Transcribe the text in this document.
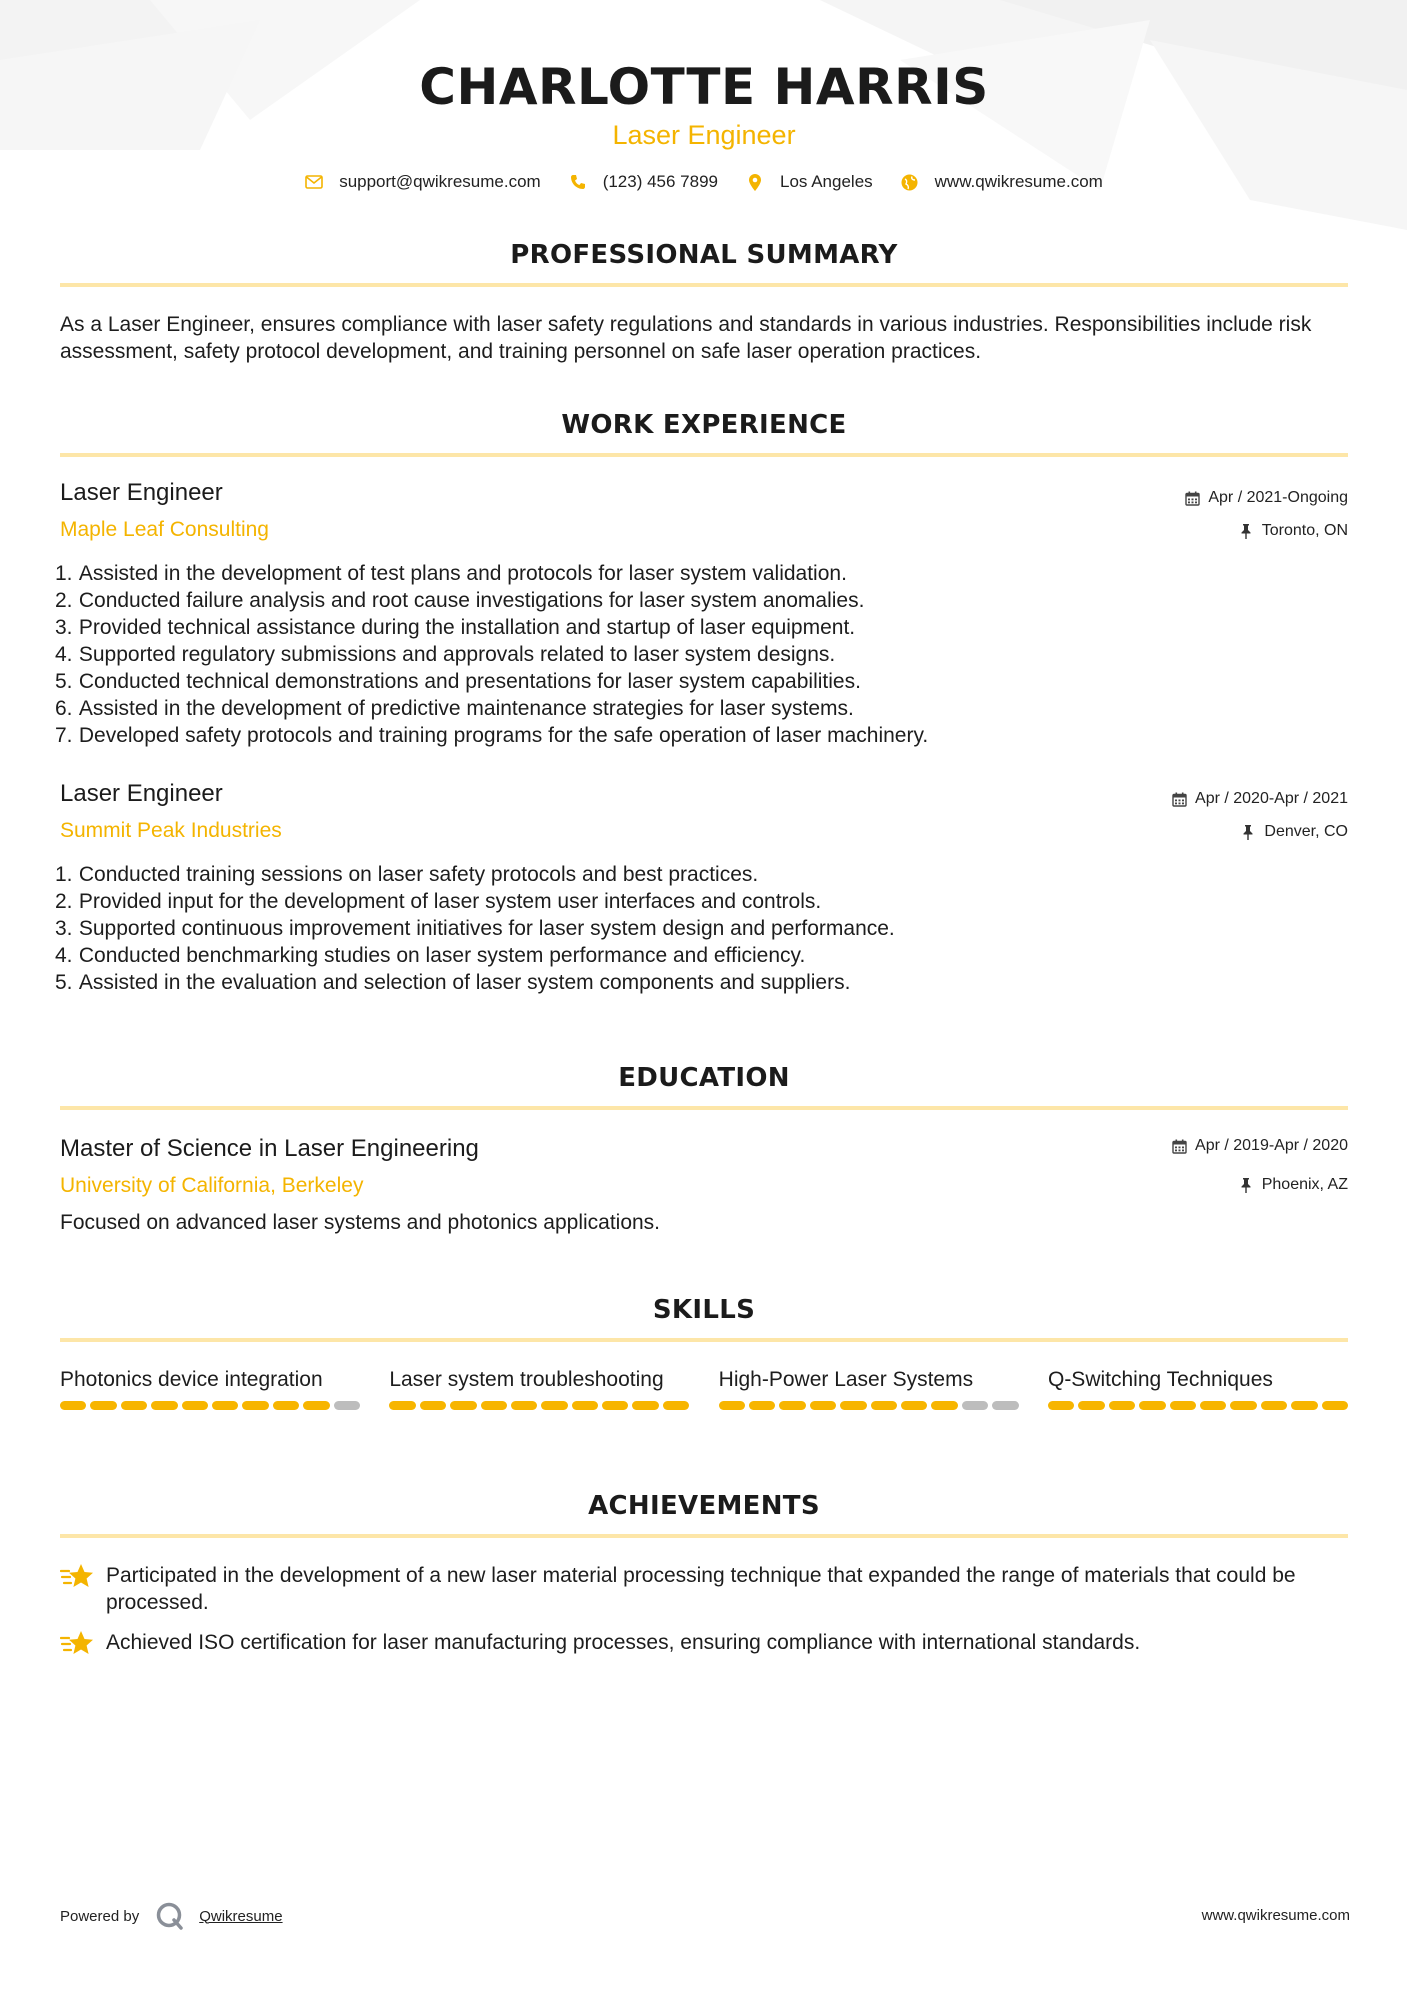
CHARLOTTE HARRIS
Laser Engineer
support@qwikresume.com	(123) 456 7899	Los Angeles	www.qwikresume.com
PROFESSIONAL SUMMARY
As a Laser Engineer, ensures compliance with laser safety regulations and standards in various industries. Responsibilities include risk assessment, safety protocol development, and training personnel on safe laser operation practices.
WORK EXPERIENCE
Laser Engineer
Maple Leaf Consulting
Apr / 2021-Ongoing
Toronto, ON
1.
Assisted in the development of test plans and protocols for laser system validation.
2.
Conducted failure analysis and root cause investigations for laser system anomalies.
3.
Provided technical assistance during the installation and startup of laser equipment.
4.
Supported regulatory submissions and approvals related to laser system designs.
5.
Conducted technical demonstrations and presentations for laser system capabilities.
6.
Assisted in the development of predictive maintenance strategies for laser systems.
7.
Developed safety protocols and training programs for the safe operation of laser machinery.
Laser Engineer
Summit Peak Industries
Apr / 2020-Apr / 2021
Denver, CO
1.
Conducted training sessions on laser safety protocols and best practices.
2.
Provided input for the development of laser system user interfaces and controls.
3.
Supported continuous improvement initiatives for laser system design and performance.
4.
Conducted benchmarking studies on laser system performance and efficiency.
5.
Assisted in the evaluation and selection of laser system components and suppliers.
EDUCATION
Master of Science in Laser Engineering
University of California, Berkeley
Apr / 2019-Apr / 2020
Phoenix, AZ
Focused on advanced laser systems and photonics applications.
SKILLS
Photonics device integration	Laser system troubleshooting	High-Power Laser Systems	Q-Switching Techniques
ACHIEVEMENTS
Participated in the development of a new laser material processing technique that expanded the range of materials that could be processed.
Achieved ISO certification for laser manufacturing processes, ensuring compliance with international standards.
Powered by	Qwikresume	www.qwikresume.com
